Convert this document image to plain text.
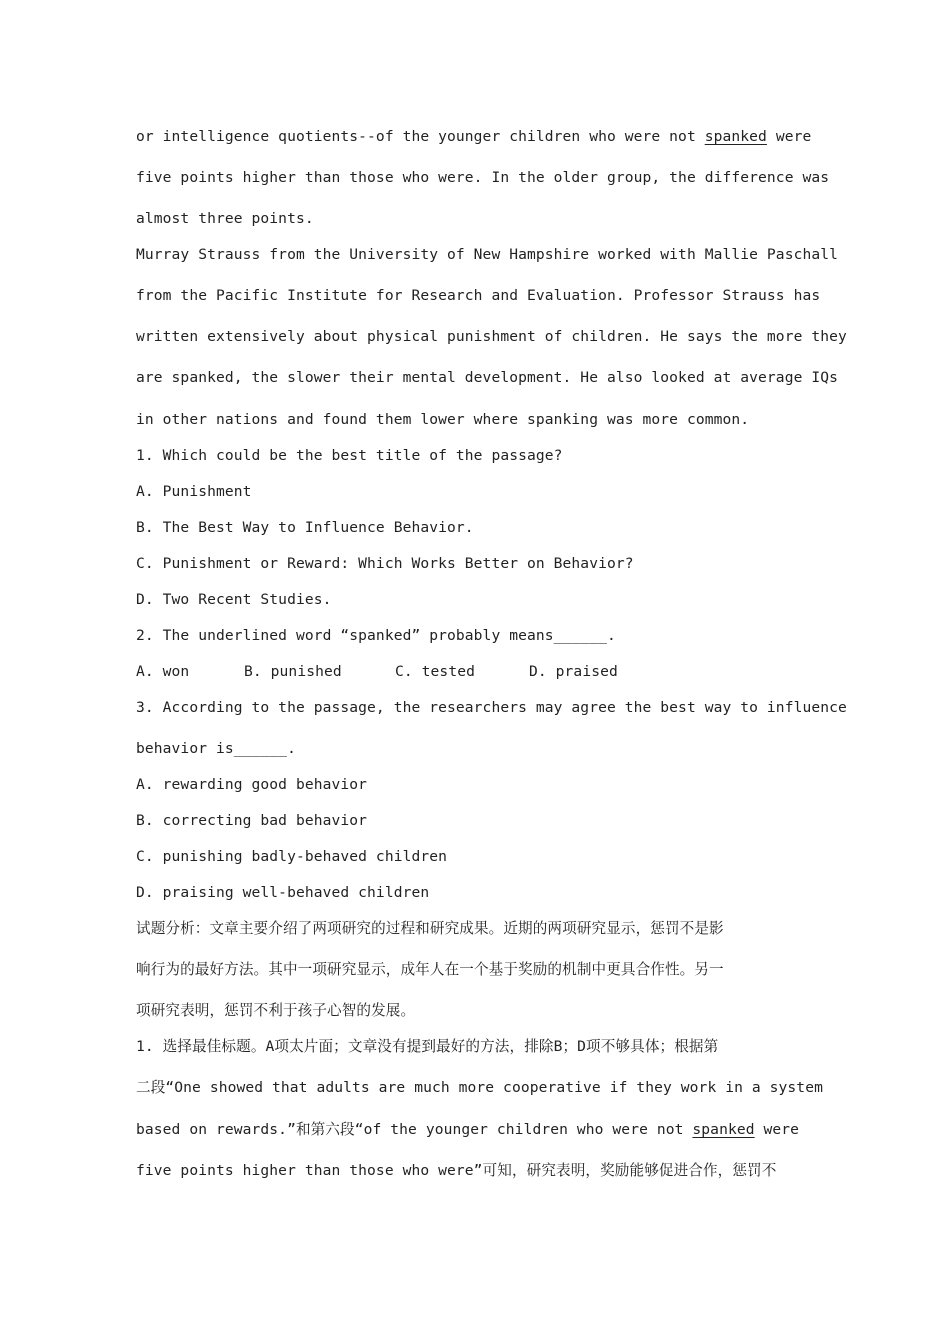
or intelligence quotients--of the younger children who were not spanked were
five points higher than those who were. In the older group, the difference was
almost three points.
Murray Strauss from the University of New Hampshire worked with Mallie Paschall
from the Pacific Institute for Research and Evaluation. Professor Strauss has
written extensively about physical punishment of children. He says the more they
are spanked, the slower their mental development. He also looked at average IQs
in other nations and found them lower where spanking was more common.
1. Which could be the best title of the passage?
A. Punishment
B. The Best Way to Influence Behavior.
C. Punishment or Reward: Which Works Better on Behavior?
D. Two Recent Studies.
2. The underlined word “spanked” probably means______.
A. won	B. punished	C. tested	D. praised
3. According to the passage, the researchers may agree the best way to influence
behavior is______.
A. rewarding good behavior
B. correcting bad behavior
C. punishing badly-behaved children
D. praising well-behaved children
试题分析：文章主要介绍了两项研究的过程和研究成果。近期的两项研究显示，惩罚不是影
响行为的最好方法。其中一项研究显示，成年人在一个基于奖励的机制中更具合作性。另一
项研究表明，惩罚不利于孩子心智的发展。
1. 选择最佳标题。A项太片面；文章没有提到最好的方法，排除B；D项不够具体；根据第
二段“One showed that adults are much more cooperative if they work in a system
based on rewards.”和第六段“of the younger children who were not spanked were
five points higher than those who were”可知，研究表明，奖励能够促进合作，惩罚不
